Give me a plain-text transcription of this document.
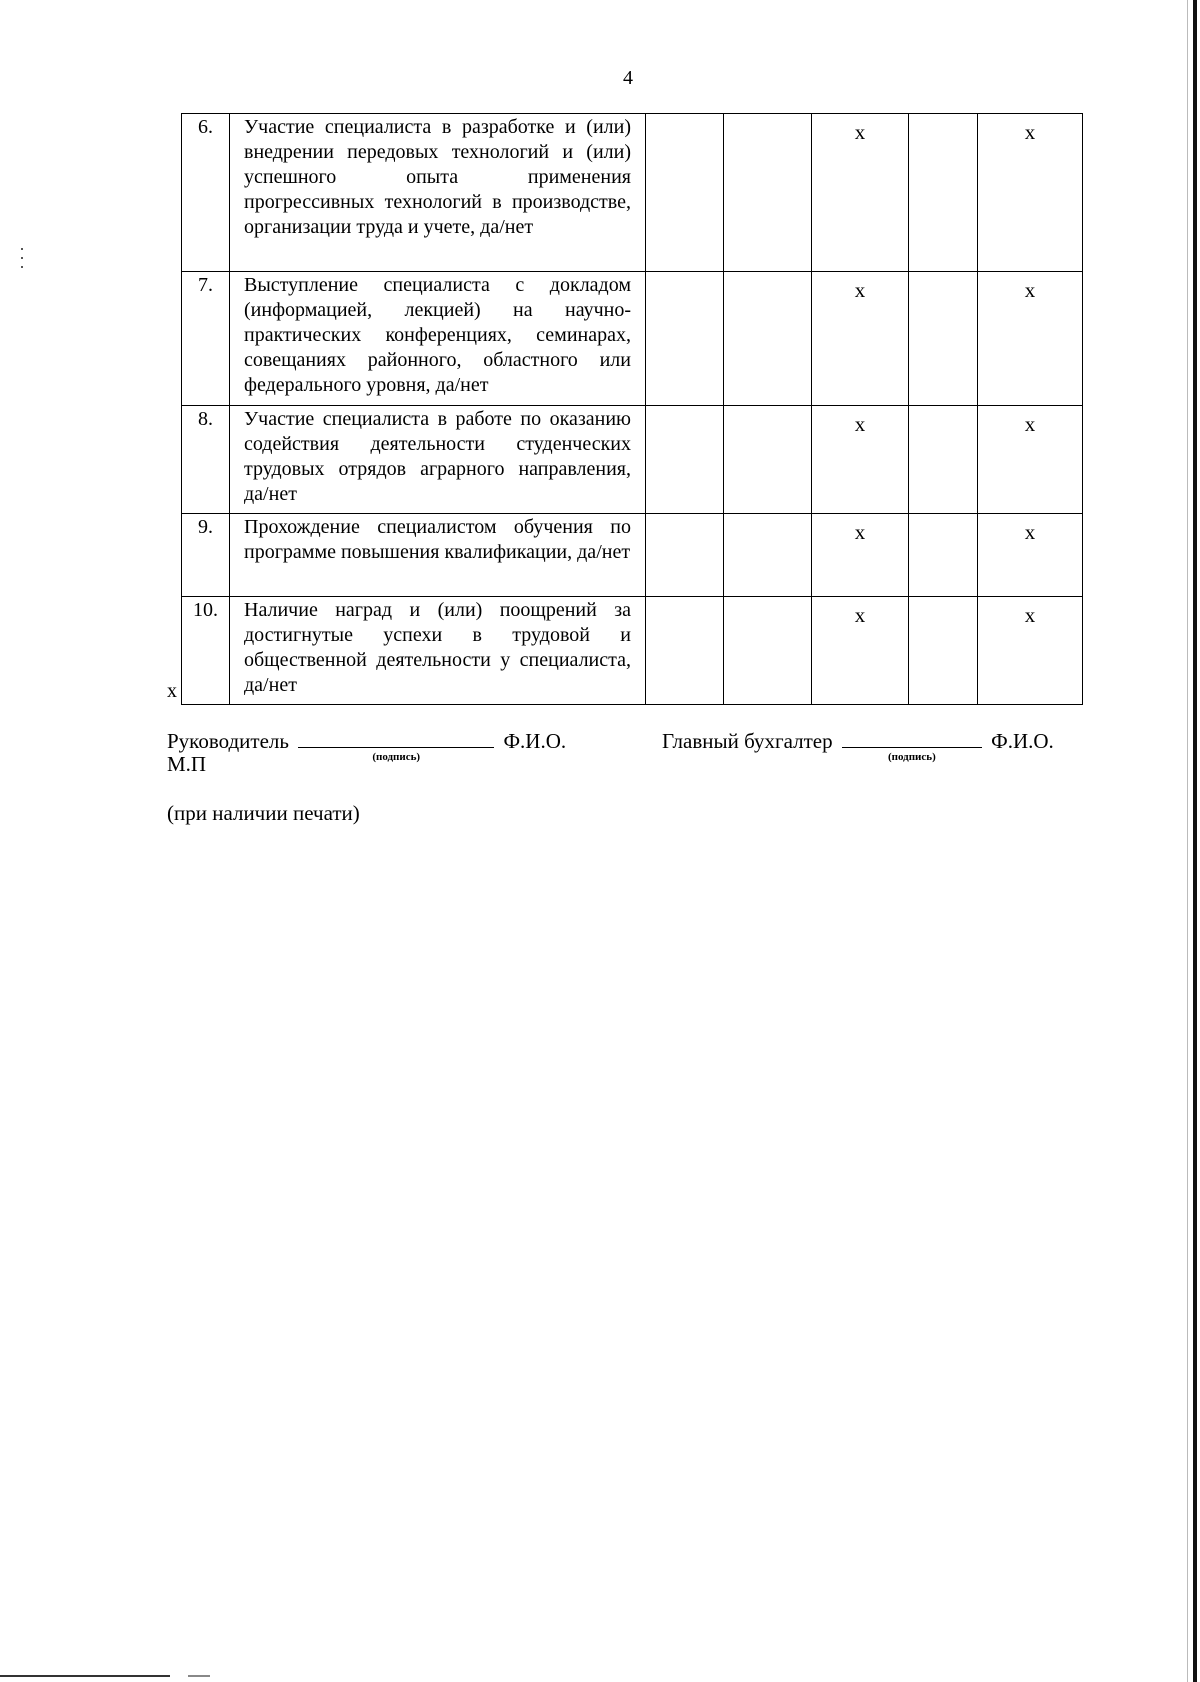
4
6.	Участие специалиста в разработке и (или) внедрении передовых технологий и (или) успешного опыта применения прогрессивных технологий в производстве, организации труда и учете, да/нет			x		x
7.	Выступление специалиста с докладом (информацией, лекцией) на научно-практических конференциях, семинарах, совещаниях районного, областного или федерального уровня, да/нет			x		x
8.	Участие специалиста в работе по оказанию содействия деятельности студенческих трудовых отрядов аграрного направления, да/нет			x		x
9.	Прохождение специалистом обучения по программе повышения квалификации, да/нет			x		x
10.	Наличие наград и (или) поощрений за достигнутые успехи в трудовой и общественной деятельности у специалиста, да/нет			x		x
x
Руководитель
(подпись)
Ф.И.О.	Главный бухгалтер
(подпись)
Ф.И.О.
М.П
(при наличии печати)
